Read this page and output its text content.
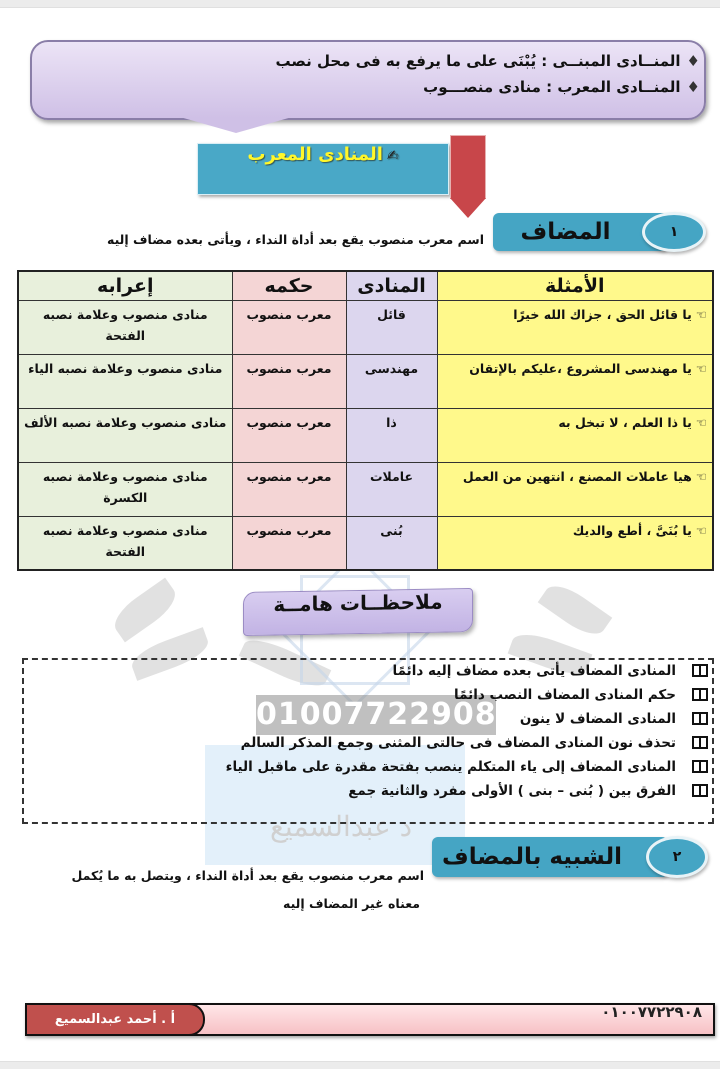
01007722908
د عبدالسميع
♦المنــادى المبنــى : يُبْنَى على ما يرفع به فى محل نصب
♦المنــادى المعرب : منادى منصـــوب
✍المنادى المعرب
المضاف	١
اسم معرب منصوب يقع بعد أداة النداء ، ويأتى بعده مضاف إليه
الأمثلة	المنادى	حكمه	إعرابه
☜يا قائل الحق ، جزاك الله خيرًا	قائل	معرب منصوب	منادى منصوب وعلامة نصبه الفتحة
☜يا مهندسى المشروع ،عليكم بالإتقان	مهندسى	معرب منصوب	منادى منصوب وعلامة نصبه الياء
☜يا ذا العلم ، لا تبخل به	ذا	معرب منصوب	منادى منصوب وعلامة نصبه الألف
☜هيا عاملات المصنع ، انتهين من العمل	عاملات	معرب منصوب	منادى منصوب وعلامة نصبه الكسرة
☜يا بُنَىَّ ، أطع والديك	بُنى	معرب منصوب	منادى منصوب وعلامة نصبه الفتحة
ملاحظــات هامــة
المنادى المضاف يأتى بعده مضاف إليه دائمًا
حكم المنادى المضاف النصب دائمًا
المنادى المضاف لا ينون
تحذف نون المنادى المضاف فى حالتى المثنى وجمع المذكر السالم
المنادى المضاف إلى ياء المتكلم ينصب بفتحة مقدرة على ماقبل الياء
الفرق بين ( بُنى – بنى ) الأولى مفرد والثانية جمع
الشبيه بالمضاف	٢
اسم معرب منصوب يقع بعد أداة النداء ، ويتصل به ما يُكمل
معناه غير المضاف إليه
أ . أحمد عبدالسميع	٠١٠٠٧٧٢٢٩٠٨
